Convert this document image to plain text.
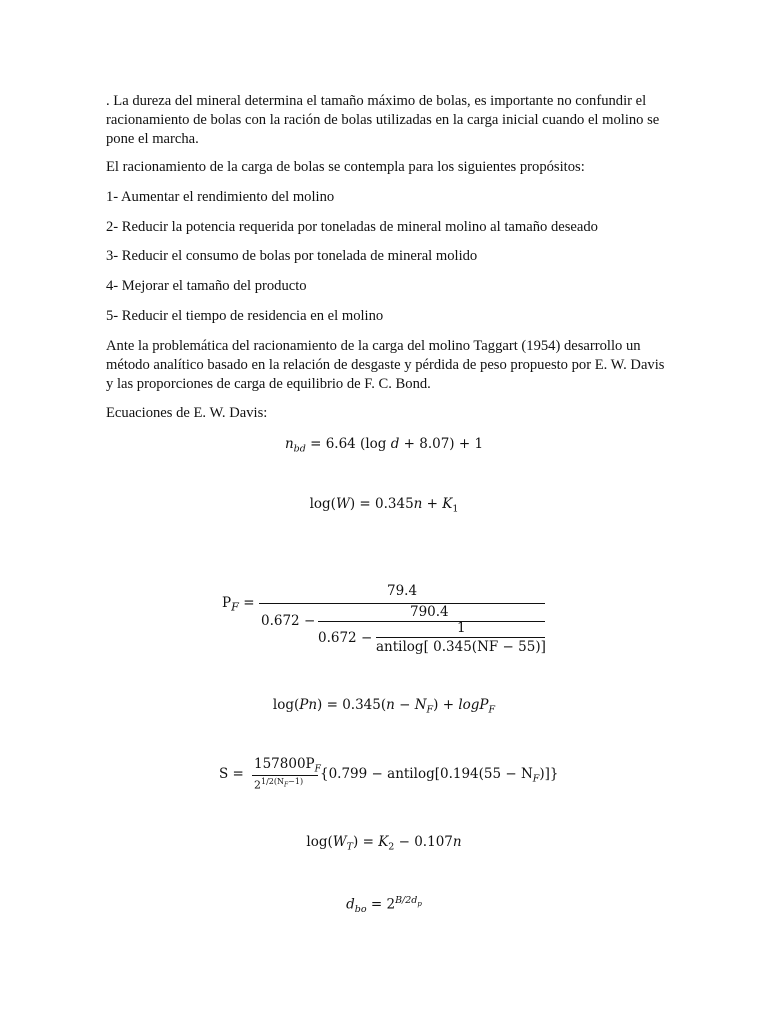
. La dureza del mineral determina el tamaño máximo de bolas, es importante no confundir el racionamiento de bolas con la ración de bolas utilizadas en la carga inicial cuando el molino se pone el marcha.

El racionamiento de la carga de bolas se contempla para los siguientes propósitos:

1- Aumentar el rendimiento del molino

2- Reducir la potencia requerida por toneladas de mineral molino al tamaño deseado

3- Reducir el consumo de bolas por tonelada de mineral molido

4- Mejorar el tamaño del producto

5- Reducir el tiempo de residencia en el molino

Ante la problemática del racionamiento de la carga del molino Taggart (1954) desarrollo un método analítico basado en la relación de desgaste y pérdida de peso propuesto por E. W. Davis y las proporciones de carga de equilibrio de F. C. Bond.

Ecuaciones de E. W. Davis:

$n_{bd} = 6.64$ (log d + 8.07) + 1
$\log(W) = 0.345n + K_1$
$P_F$ =
79.4
0.672 −
790.4
0.672 −
1
antilog[ 0.345(NF − 55)]
$\log(Pn) = 0.345(n - N_F) + \log P_F$
S =
$157800P_F$
$2^{1/2(N_F-1)}$ {0.799 − antilog[0.194(55 − $N_F$)]}
$\log(W_T) = K_2 - 0.107n$
$d_{bo} = 2^{B/2d_p}$
